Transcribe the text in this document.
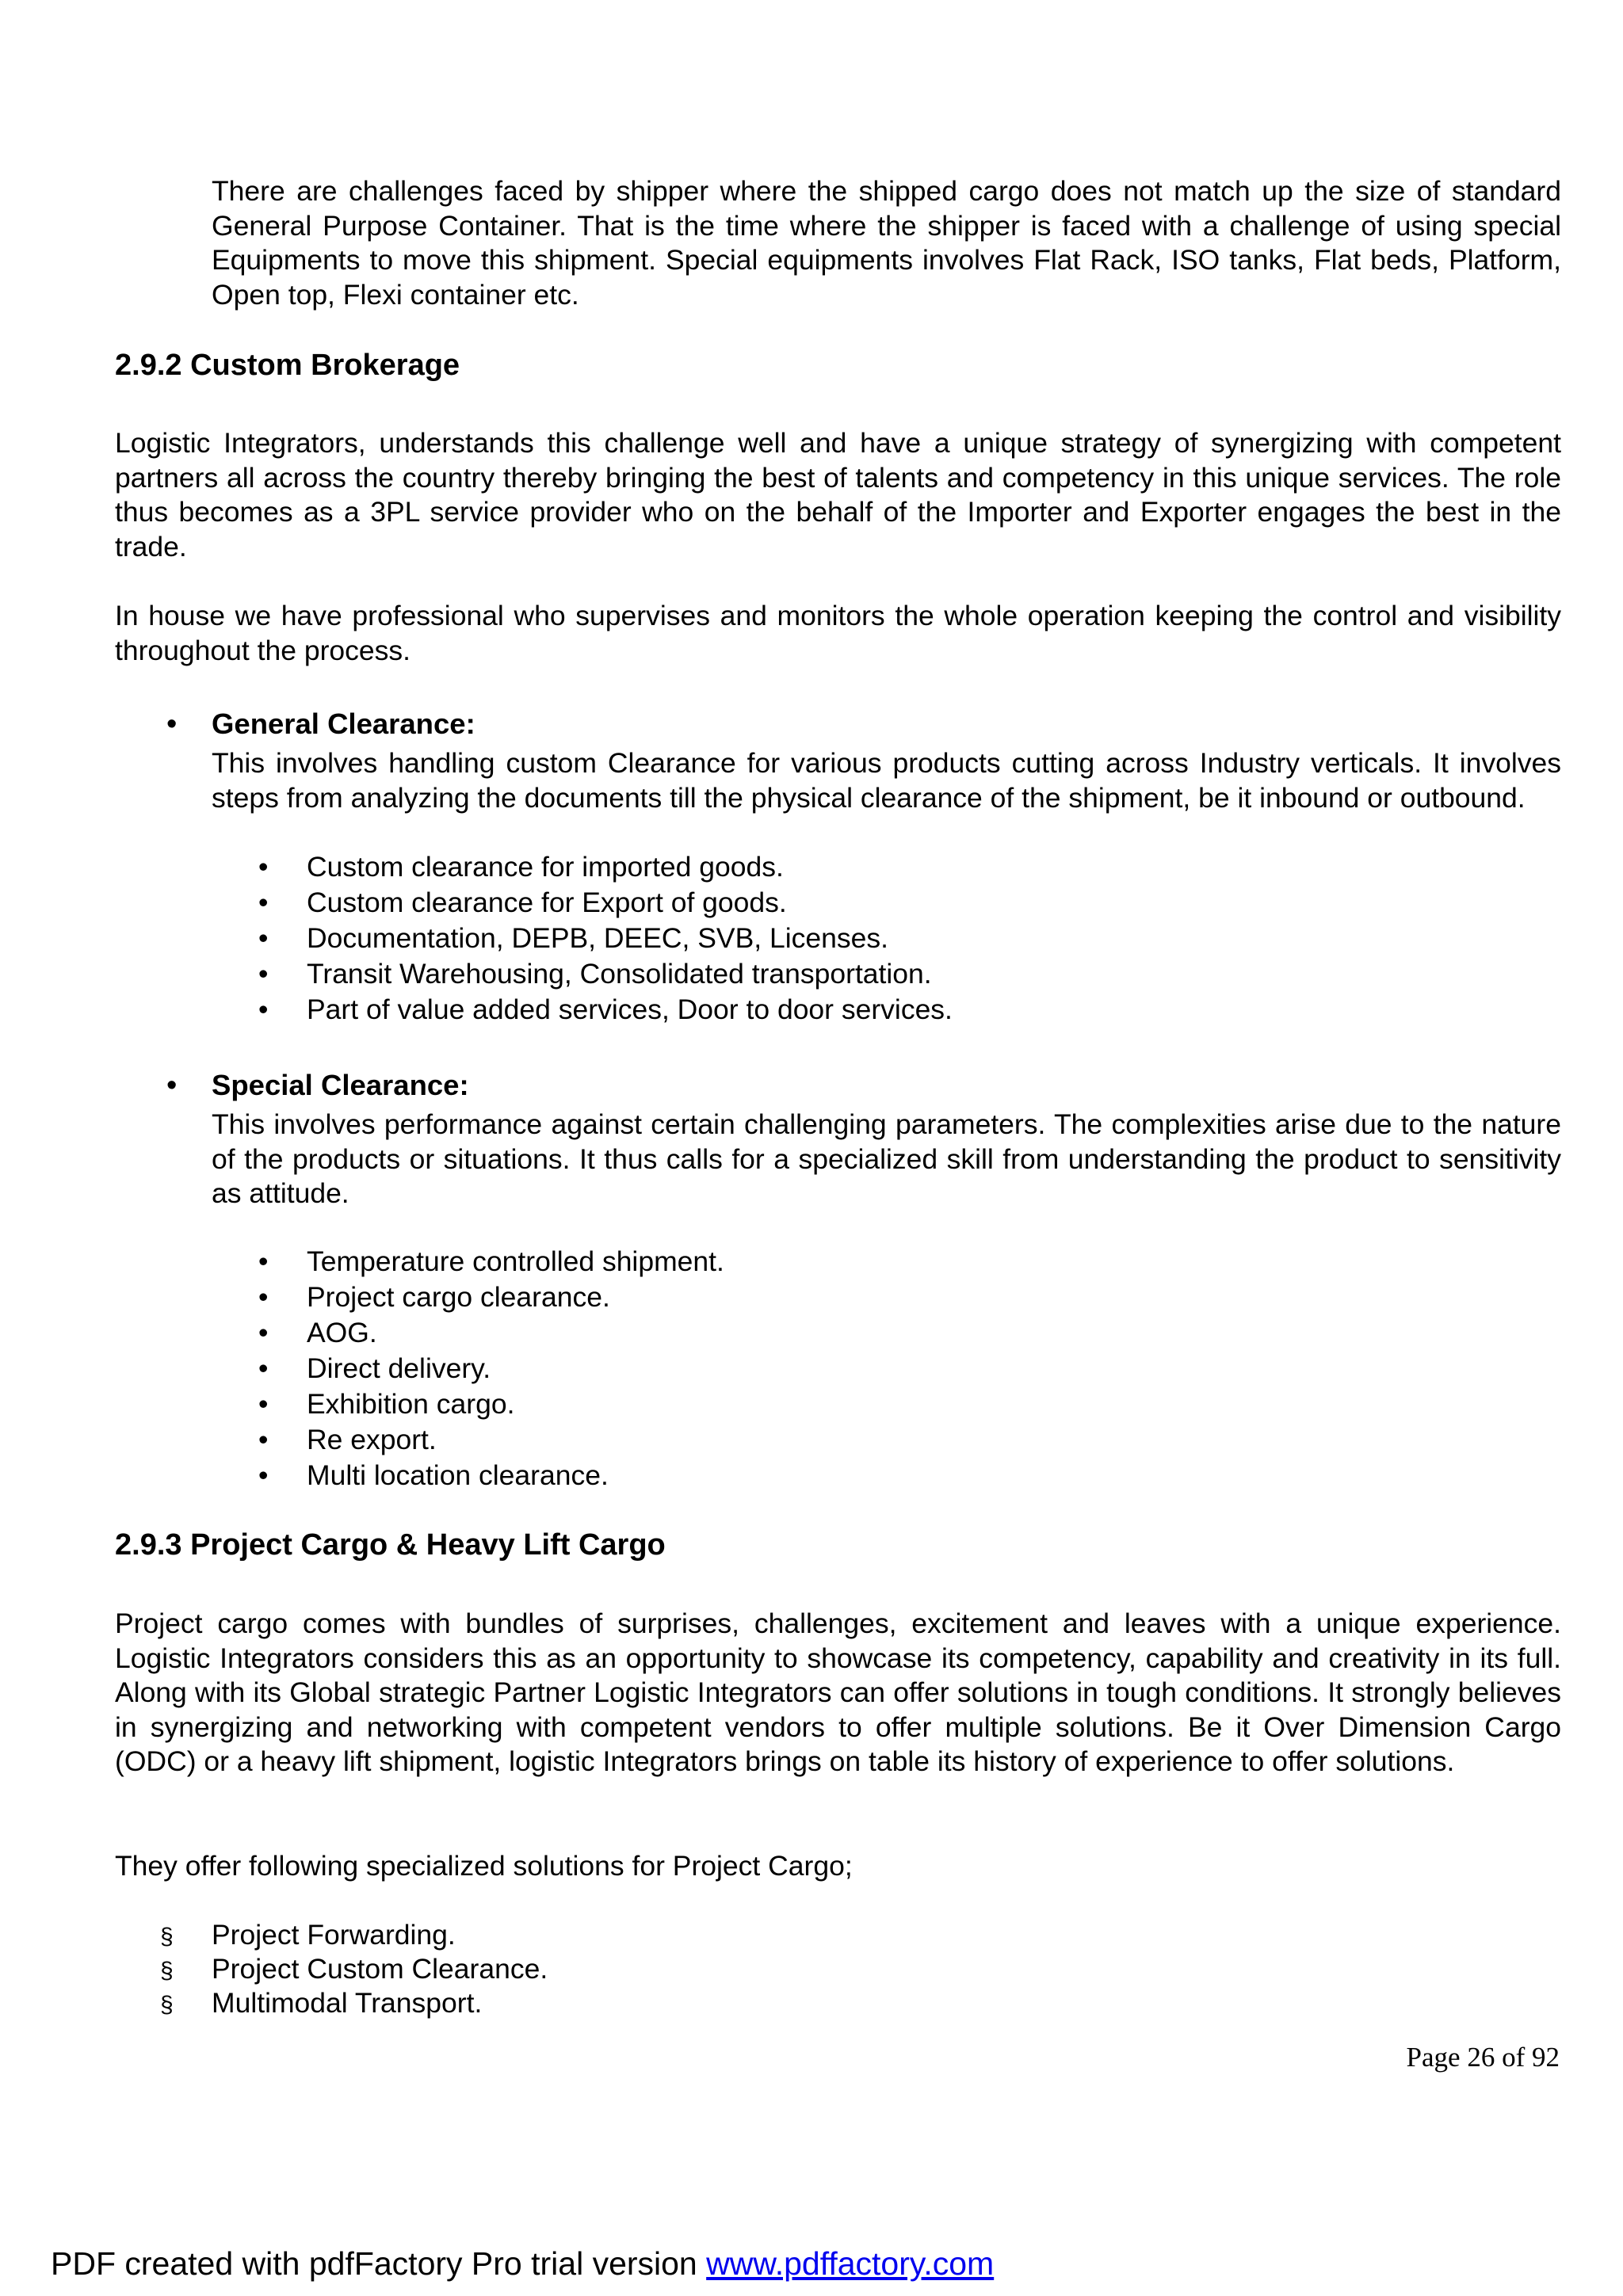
There are challenges faced by shipper where the shipped cargo does not match up the size of standard General Purpose Container. That is the time where the shipper is faced with a challenge of using special Equipments to move this shipment. Special equipments involves Flat Rack, ISO tanks, Flat beds, Platform, Open top, Flexi container etc.

2.9.2 Custom Brokerage

Logistic Integrators, understands this challenge well and have a unique strategy of synergizing with competent partners all across the country thereby bringing the best of talents and competency in this unique services. The role thus becomes as a 3PL service provider who on the behalf of the Importer and Exporter engages the best in the trade.

In house we have professional who supervises and monitors the whole operation keeping the control and visibility throughout the process.

• General Clearance:

This involves handling custom Clearance for various products cutting across Industry verticals. It involves steps from analyzing the documents till the physical clearance of the shipment, be it inbound or outbound.

• Custom clearance for imported goods.
• Custom clearance for Export of goods.
• Documentation, DEPB, DEEC, SVB, Licenses.
• Transit Warehousing, Consolidated transportation.
• Part of value added services, Door to door services.
• Special Clearance:

This involves performance against certain challenging parameters. The complexities arise due to the nature of the products or situations. It thus calls for a specialized skill from understanding the product to sensitivity as attitude.

• Temperature controlled shipment.
• Project cargo clearance.
• AOG.
• Direct delivery.
• Exhibition cargo.
• Re export.
• Multi location clearance.
2.9.3 Project Cargo & Heavy Lift Cargo

Project cargo comes with bundles of surprises, challenges, excitement and leaves with a unique experience. Logistic Integrators considers this as an opportunity to showcase its competency, capability and creativity in its full. Along with its Global strategic Partner Logistic Integrators can offer solutions in tough conditions. It strongly believes in synergizing and networking with competent vendors to offer multiple solutions. Be it Over Dimension Cargo (ODC) or a heavy lift shipment, logistic Integrators brings on table its history of experience to offer solutions.

They offer following specialized solutions for Project Cargo;

§ Project Forwarding.
§ Project Custom Clearance.
§ Multimodal Transport.
Page 26 of 92
PDF created with pdfFactory Pro trial version www.pdffactory.com
